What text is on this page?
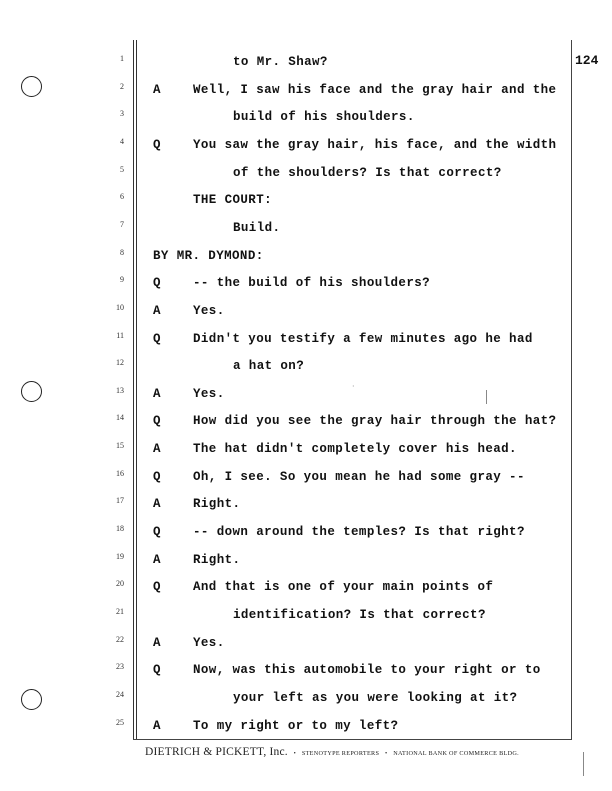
124
1	to Mr. Shaw?
2 A	Well, I saw his face and the gray hair and the
3	build of his shoulders.
4 Q	You saw the gray hair, his face, and the width
5	of the shoulders? Is that correct?
6	THE COURT:
7	Build.
8 BY MR. DYMOND:
9 Q	-- the build of his shoulders?
10 A	Yes.
11 Q	Didn't you testify a few minutes ago he had
12	a hat on?
13 A	Yes.
14 Q	How did you see the gray hair through the hat?
15 A	The hat didn't completely cover his head.
16 Q	Oh, I see. So you mean he had some gray --
17 A	Right.
18 Q	-- down around the temples? Is that right?
19 A	Right.
20 Q	And that is one of your main points of
21	identification? Is that correct?
22 A	Yes.
23 Q	Now, was this automobile to your right or to
24	your left as you were looking at it?
25 A	To my right or to my left?
·
DIETRICH & PICKETT, Inc. • STENOTYPE REPORTERS • NATIONAL BANK OF COMMERCE BLDG.
